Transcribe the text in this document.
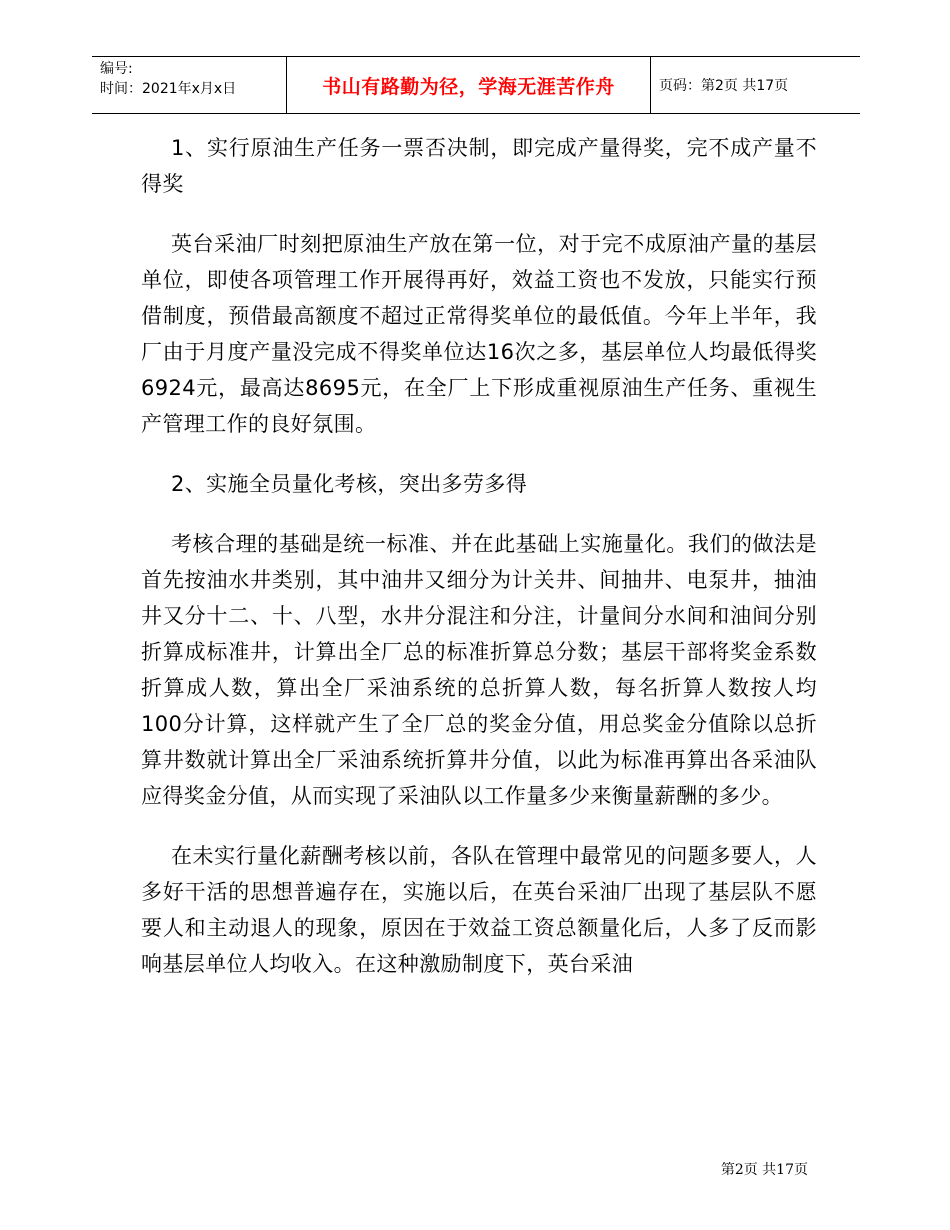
编号:
时间：2021年x月x日	书山有路勤为径，学海无涯苦作舟	页码：第2页 共17页

1、实行原油生产任务一票否决制，即完成产量得奖，完不成产量不得奖

英台采油厂时刻把原油生产放在第一位，对于完不成原油产量的基层单位，即使各项管理工作开展得再好，效益工资也不发放，只能实行预借制度，预借最高额度不超过正常得奖单位的最低值。今年上半年，我厂由于月度产量没完成不得奖单位达16次之多，基层单位人均最低得奖6924元，最高达8695元，在全厂上下形成重视原油生产任务、重视生产管理工作的良好氛围。

2、实施全员量化考核，突出多劳多得

考核合理的基础是统一标准、并在此基础上实施量化。我们的做法是首先按油水井类别，其中油井又细分为计关井、间抽井、电泵井，抽油井又分十二、十、八型，水井分混注和分注，计量间分水间和油间分别折算成标准井，计算出全厂总的标准折算总分数；基层干部将奖金系数折算成人数，算出全厂采油系统的总折算人数，每名折算人数按人均100分计算，这样就产生了全厂总的奖金分值，用总奖金分值除以总折算井数就计算出全厂采油系统折算井分值，以此为标准再算出各采油队应得奖金分值，从而实现了采油队以工作量多少来衡量薪酬的多少。

在未实行量化薪酬考核以前，各队在管理中最常见的问题多要人，人多好干活的思想普遍存在，实施以后，在英台采油厂出现了基层队不愿要人和主动退人的现象，原因在于效益工资总额量化后，人多了反而影响基层单位人均收入。在这种激励制度下，英台采油

第2页 共17页
